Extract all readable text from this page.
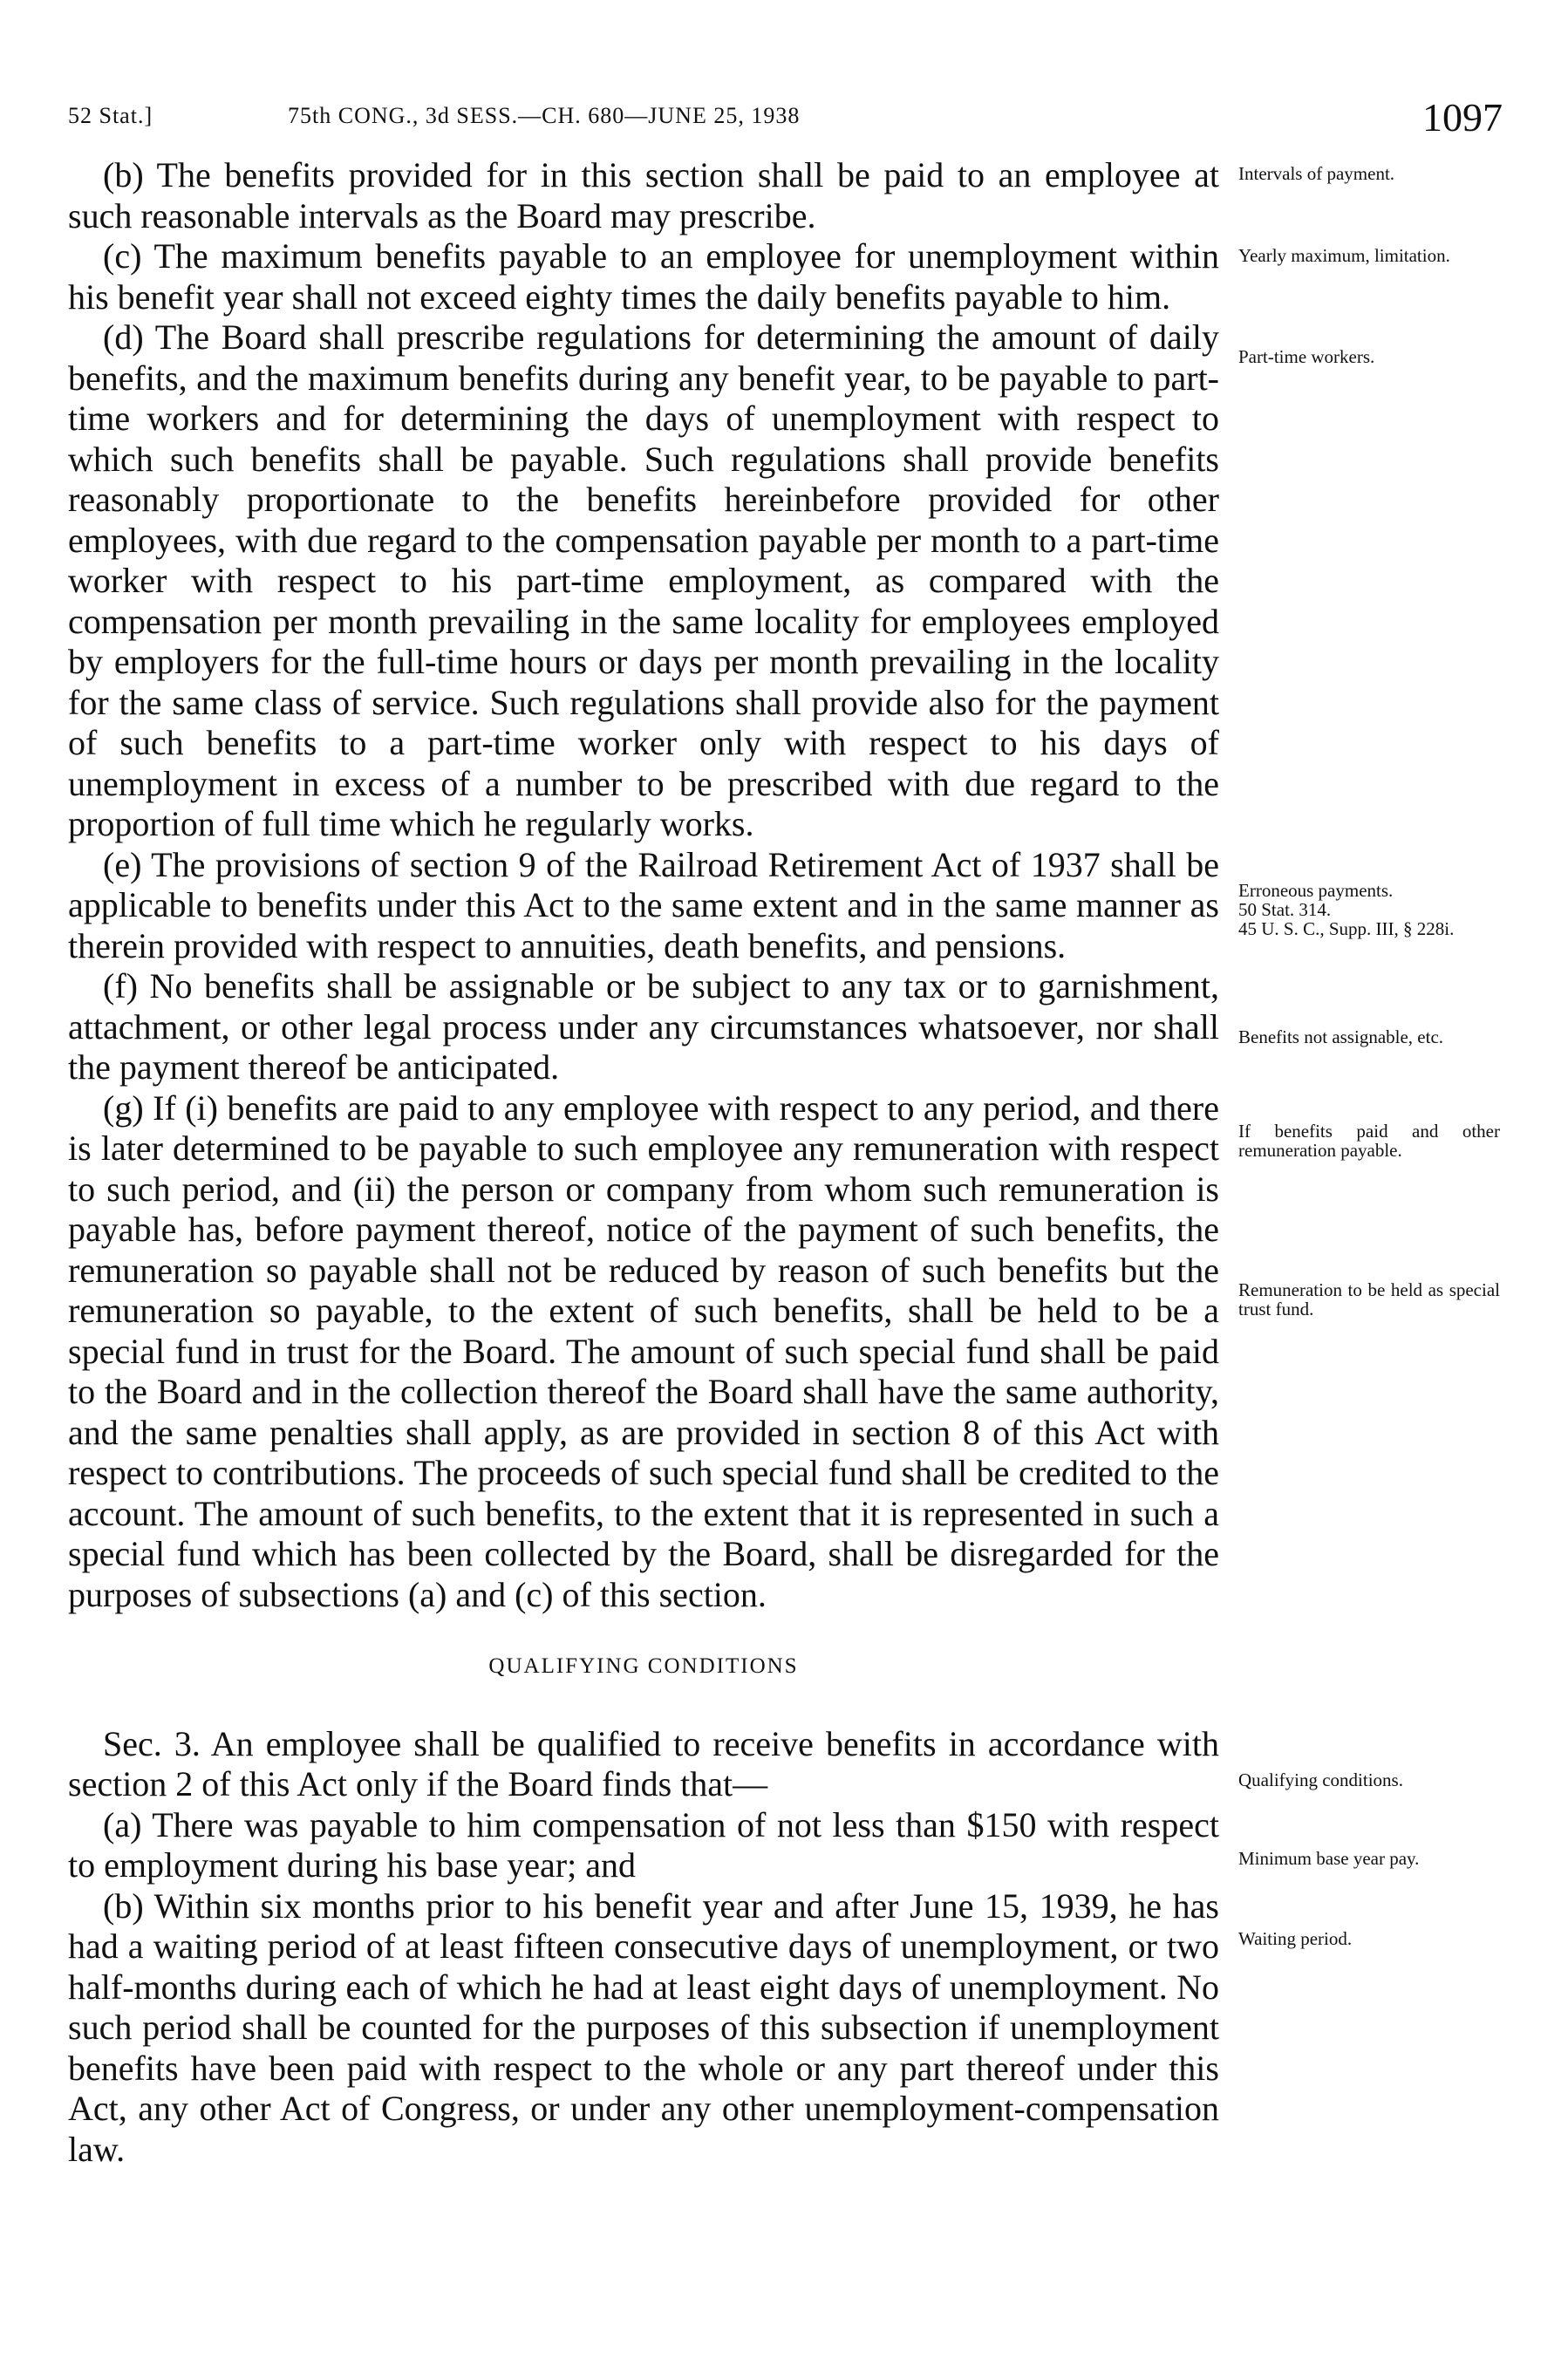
52 Stat.]	75th CONG., 3d SESS.—CH. 680—JUNE 25, 1938	1097

(b) The benefits provided for in this section shall be paid to an employee at such reasonable intervals as the Board may prescribe.

(c) The maximum benefits payable to an employee for unemployment within his benefit year shall not exceed eighty times the daily benefits payable to him.

(d) The Board shall prescribe regulations for determining the amount of daily benefits, and the maximum benefits during any benefit year, to be payable to part-time workers and for determining the days of unemployment with respect to which such benefits shall be payable. Such regulations shall provide benefits reasonably proportionate to the benefits hereinbefore provided for other employees, with due regard to the compensation payable per month to a part-time worker with respect to his part-time employment, as compared with the compensation per month prevailing in the same locality for employees employed by employers for the full-time hours or days per month prevailing in the locality for the same class of service. Such regulations shall provide also for the payment of such benefits to a part-time worker only with respect to his days of unemployment in excess of a number to be prescribed with due regard to the proportion of full time which he regularly works.

(e) The provisions of section 9 of the Railroad Retirement Act of 1937 shall be applicable to benefits under this Act to the same extent and in the same manner as therein provided with respect to annuities, death benefits, and pensions.

(f) No benefits shall be assignable or be subject to any tax or to garnishment, attachment, or other legal process under any circumstances whatsoever, nor shall the payment thereof be anticipated.

(g) If (i) benefits are paid to any employee with respect to any period, and there is later determined to be payable to such employee any remuneration with respect to such period, and (ii) the person or company from whom such remuneration is payable has, before payment thereof, notice of the payment of such benefits, the remuneration so payable shall not be reduced by reason of such benefits but the remuneration so payable, to the extent of such benefits, shall be held to be a special fund in trust for the Board. The amount of such special fund shall be paid to the Board and in the collection thereof the Board shall have the same authority, and the same penalties shall apply, as are provided in section 8 of this Act with respect to contributions. The proceeds of such special fund shall be credited to the account. The amount of such benefits, to the extent that it is represented in such a special fund which has been collected by the Board, shall be disregarded for the purposes of subsections (a) and (c) of this section.

QUALIFYING CONDITIONS

Sec. 3. An employee shall be qualified to receive benefits in accordance with section 2 of this Act only if the Board finds that—

(a) There was payable to him compensation of not less than $150 with respect to employment during his base year; and

(b) Within six months prior to his benefit year and after June 15, 1939, he has had a waiting period of at least fifteen consecutive days of unemployment, or two half-months during each of which he had at least eight days of unemployment. No such period shall be counted for the purposes of this subsection if unemployment benefits have been paid with respect to the whole or any part thereof under this Act, any other Act of Congress, or under any other unemployment-compensation law.

Intervals of payment.
Yearly maximum, limitation.
Part-time workers.
Erroneous payments.
50 Stat. 314.
45 U. S. C., Supp. III, § 228i.
Benefits not assignable, etc.
If benefits paid and other remuneration payable.
Remuneration to be held as special trust fund.
Qualifying conditions.
Minimum base year pay.
Waiting period.
